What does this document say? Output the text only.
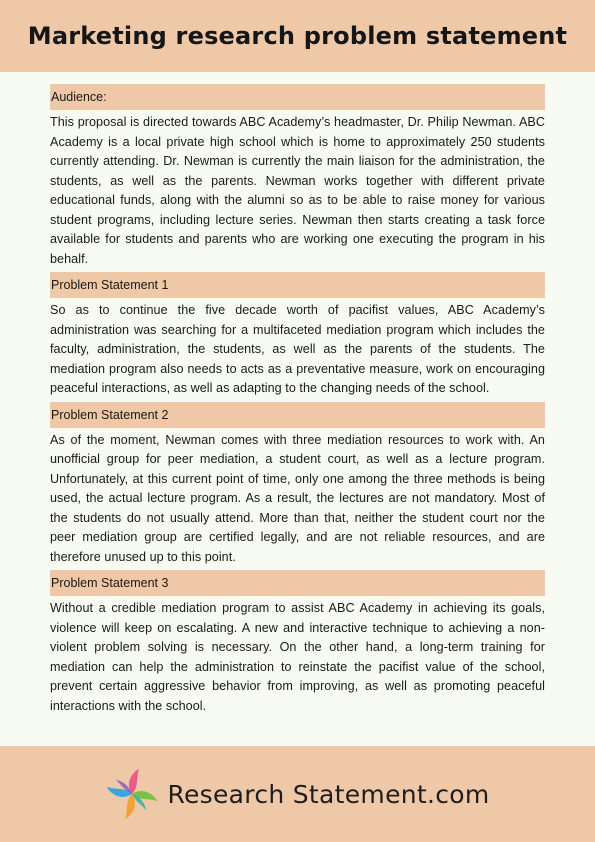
Marketing research problem statement
Audience:

This proposal is directed towards ABC Academy’s headmaster, Dr. Philip Newman. ABC Academy is a local private high school which is home to approximately 250 students currently attending. Dr. Newman is currently the main liaison for the administration, the students, as well as the parents. Newman works together with different private educational funds, along with the alumni so as to be able to raise money for various student programs, including lecture series. Newman then starts creating a task force available for students and parents who are working one executing the program in his behalf.

Problem Statement 1

So as to continue the five decade worth of pacifist values, ABC Academy’s administration was searching for a multifaceted mediation program which includes the faculty, administration, the students, as well as the parents of the students. The mediation program also needs to acts as a preventative measure, work on encouraging peaceful interactions, as well as adapting to the changing needs of the school.

Problem Statement 2

As of the moment, Newman comes with three mediation resources to work with. An unofficial group for peer mediation, a student court, as well as a lecture program. Unfortunately, at this current point of time, only one among the three methods is being used, the actual lecture program. As a result, the lectures are not mandatory. Most of the students do not usually attend. More than that, neither the student court nor the peer mediation group are certified legally, and are not reliable resources, and are therefore unused up to this point.

Problem Statement 3

Without a credible mediation program to assist ABC Academy in achieving its goals, violence will keep on escalating. A new and interactive technique to achieving a non-violent problem solving is necessary. On the other hand, a long-term training for mediation can help the administration to reinstate the pacifist value of the school, prevent certain aggressive behavior from improving, as well as promoting peaceful interactions with the school.

Research Statement.com
